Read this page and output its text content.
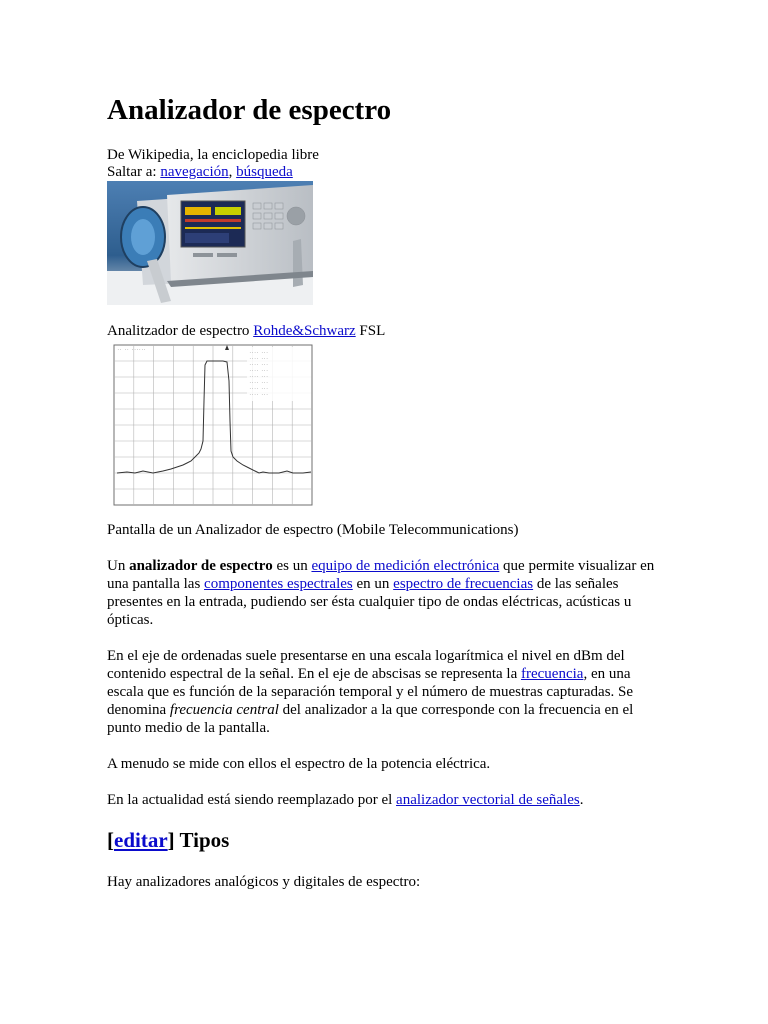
Analizador de espectro
De Wikipedia, la enciclopedia libre
Saltar a: navegación, búsqueda
Analitzador de espectro Rohde&Schwarz FSL
.... ...
.... ...
.... ...
.... ...
.... ...
.... ...
.... ...
.... ...
.. .. ......
Pantalla de un Analizador de espectro (Mobile Telecommunications)
Un analizador de espectro es un equipo de medición electrónica que permite visualizar en una pantalla las componentes espectrales en un espectro de frecuencias de las señales presentes en la entrada, pudiendo ser ésta cualquier tipo de ondas eléctricas, acústicas u ópticas.
En el eje de ordenadas suele presentarse en una escala logarítmica el nivel en dBm del contenido espectral de la señal. En el eje de abscisas se representa la frecuencia, en una escala que es función de la separación temporal y el número de muestras capturadas. Se denomina frecuencia central del analizador a la que corresponde con la frecuencia en el punto medio de la pantalla.
A menudo se mide con ellos el espectro de la potencia eléctrica.
En la actualidad está siendo reemplazado por el analizador vectorial de señales.
[editar] Tipos
Hay analizadores analógicos y digitales de espectro:
